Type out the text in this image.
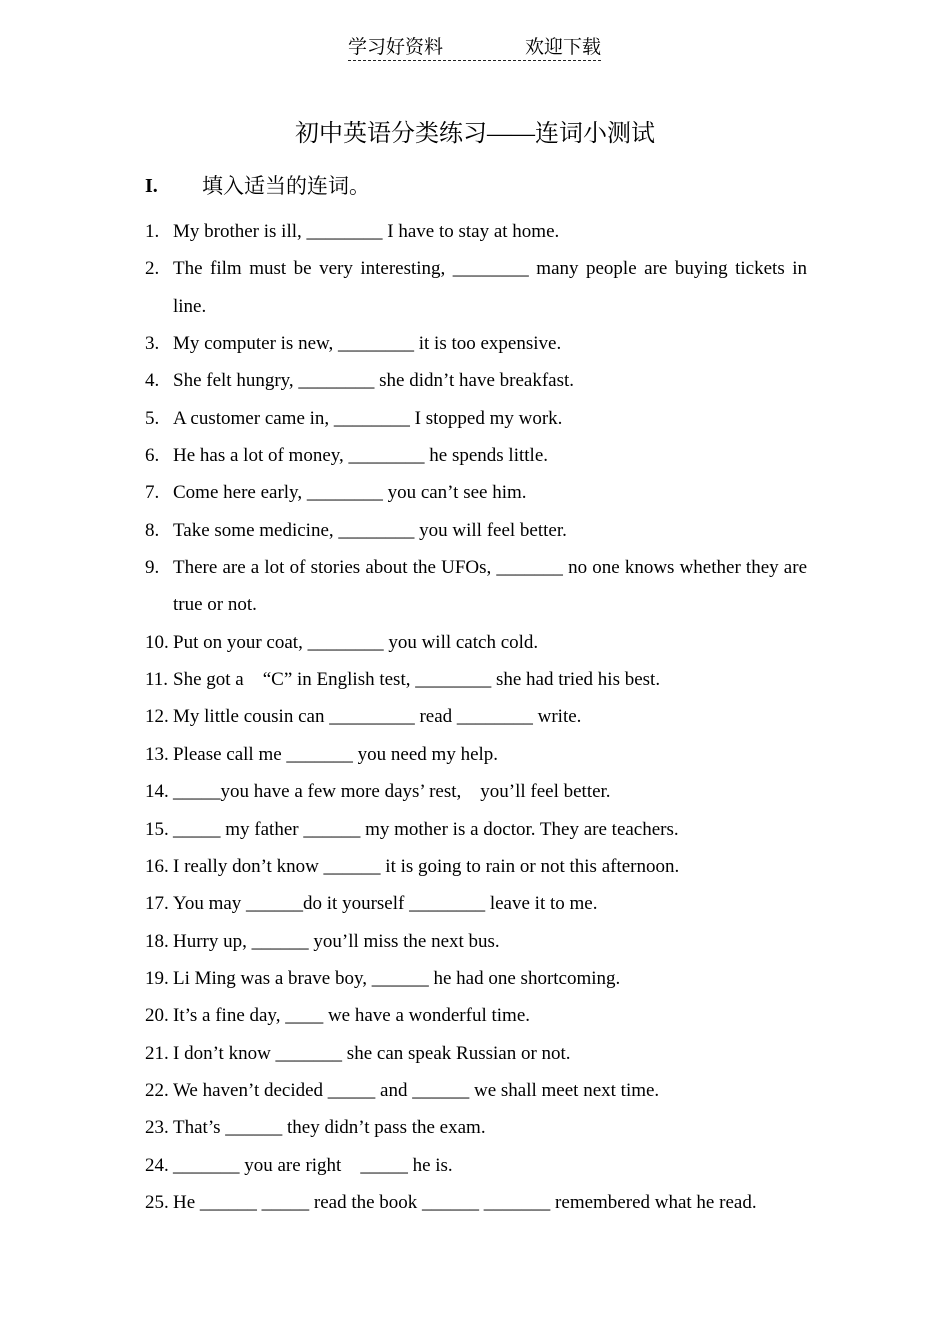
学习好资料	欢迎下载
初中英语分类练习——连词小测试
I. 填入适当的连词。
1. My brother is ill, ________ I have to stay at home.
2. The film must be very interesting, ________ many people are buying tickets in line.
3. My computer is new, ________ it is too expensive.
4. She felt hungry, ________ she didn’t have breakfast.
5. A customer came in, ________ I stopped my work.
6. He has a lot of money, ________ he spends little.
7. Come here early, ________ you can’t see him.
8. Take some medicine, ________ you will feel better.
9. There are a lot of stories about the UFOs, _______ no one knows whether they are true or not.
10. Put on your coat, ________ you will catch cold.
11. She got a    “C” in English test, ________ she had tried his best.
12. My little cousin can _________ read ________ write.
13. Please call me _______ you need my help.
14. _____you have a few more days’ rest,    you’ll feel better.
15. _____ my father ______ my mother is a doctor. They are teachers.
16. I really don’t know ______ it is going to rain or not this afternoon.
17. You may ______do it yourself ________ leave it to me.
18. Hurry up, ______ you’ll miss the next bus.
19. Li Ming was a brave boy, ______ he had one shortcoming.
20. It’s a fine day, ____ we have a wonderful time.
21. I don’t know _______ she can speak Russian or not.
22. We haven’t decided _____ and ______ we shall meet next time.
23. That’s ______ they didn’t pass the exam.
24. _______ you are right    _____ he is.
25. He ______ _____ read the book ______ _______ remembered what he read.
